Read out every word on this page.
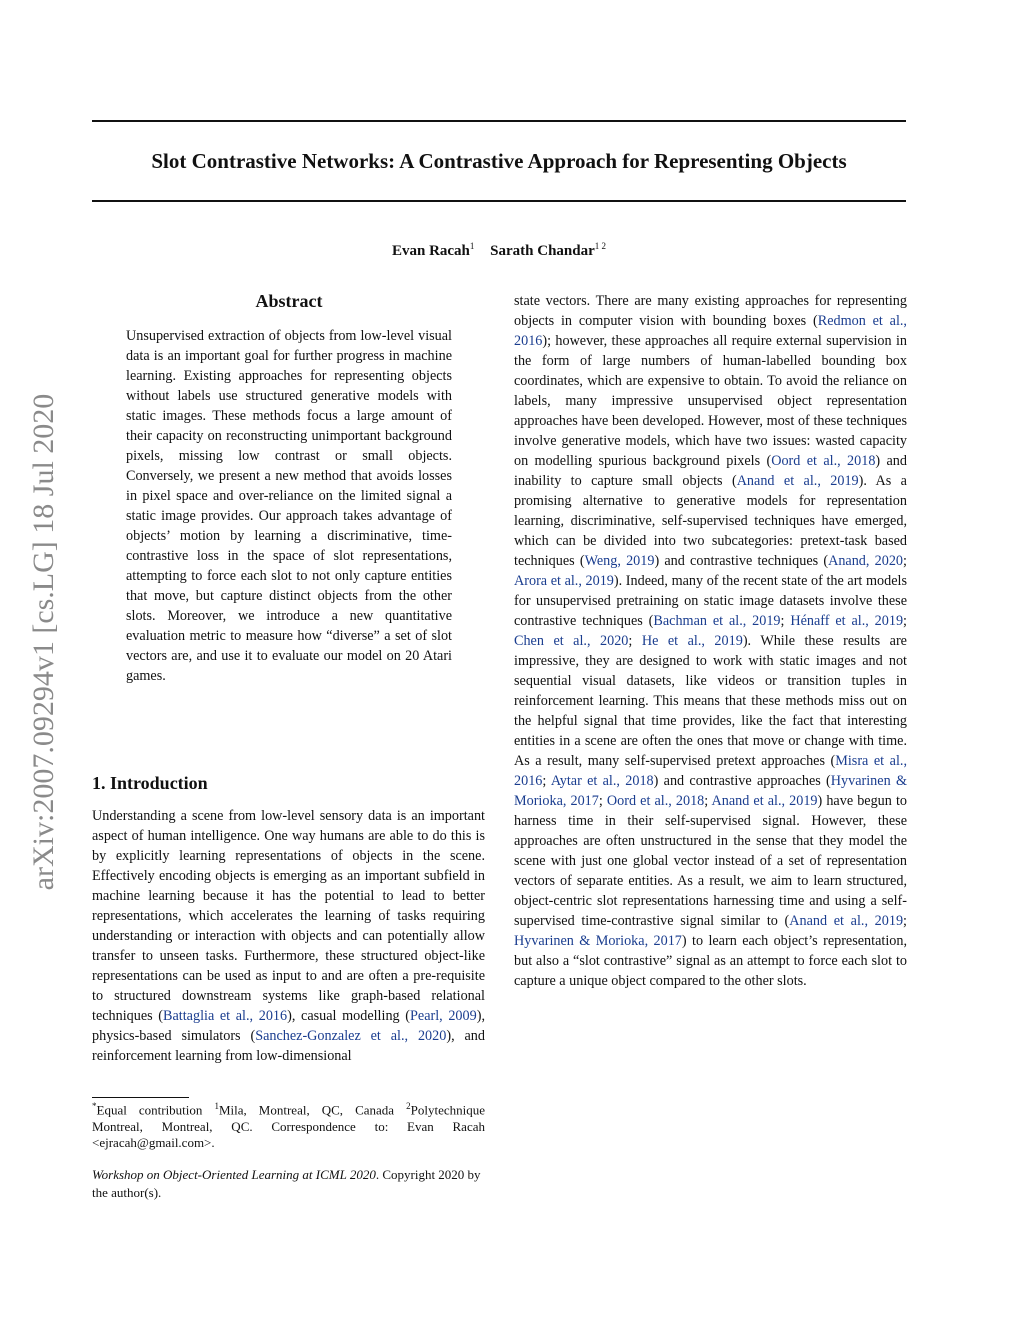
arXiv:2007.09294v1 [cs.LG] 18 Jul 2020
Slot Contrastive Networks: A Contrastive Approach for Representing Objects
Evan Racah$^1$ Sarath Chandar$^{1 2}$
Abstract
Unsupervised extraction of objects from low-level visual data is an important goal for further progress in machine learning. Existing approaches for representing objects without labels use structured generative models with static images. These methods focus a large amount of their capacity on reconstructing unimportant background pixels, missing low contrast or small objects. Conversely, we present a new method that avoids losses in pixel space and over-reliance on the limited signal a static image provides. Our approach takes advantage of objects’ motion by learning a discriminative, time-contrastive loss in the space of slot representations, attempting to force each slot to not only capture entities that move, but capture distinct objects from the other slots. Moreover, we introduce a new quantitative evaluation metric to measure how “diverse” a set of slot vectors are, and use it to evaluate our model on 20 Atari games.
1. Introduction
Understanding a scene from low-level sensory data is an important aspect of human intelligence. One way humans are able to do this is by explicitly learning representations of objects in the scene. Effectively encoding objects is emerging as an important subfield in machine learning because it has the potential to lead to better representations, which accelerates the learning of tasks requiring understanding or interaction with objects and can potentially allow transfer to unseen tasks. Furthermore, these structured object-like representations can be used as input to and are often a pre-requisite to structured downstream systems like graph-based relational techniques (Battaglia et al., 2016), casual modelling (Pearl, 2009), physics-based simulators (Sanchez-Gonzalez et al., 2020), and reinforcement learning from low-dimensional
state vectors. There are many existing approaches for representing objects in computer vision with bounding boxes (Redmon et al., 2016); however, these approaches all require external supervision in the form of large numbers of human-labelled bounding box coordinates, which are expensive to obtain. To avoid the reliance on labels, many impressive unsupervised object representation approaches have been developed. However, most of these techniques involve generative models, which have two issues: wasted capacity on modelling spurious background pixels (Oord et al., 2018) and inability to capture small objects (Anand et al., 2019). As a promising alternative to generative models for representation learning, discriminative, self-supervised techniques have emerged, which can be divided into two subcategories: pretext-task based techniques (Weng, 2019) and contrastive techniques (Anand, 2020; Arora et al., 2019). Indeed, many of the recent state of the art models for unsupervised pretraining on static image datasets involve these contrastive techniques (Bachman et al., 2019; Hénaff et al., 2019; Chen et al., 2020; He et al., 2019). While these results are impressive, they are designed to work with static images and not sequential visual datasets, like videos or transition tuples in reinforcement learning. This means that these methods miss out on the helpful signal that time provides, like the fact that interesting entities in a scene are often the ones that move or change with time. As a result, many self-supervised pretext approaches (Misra et al., 2016; Aytar et al., 2018) and contrastive approaches (Hyvarinen & Morioka, 2017; Oord et al., 2018; Anand et al., 2019) have begun to harness time in their self-supervised signal. However, these approaches are often unstructured in the sense that they model the scene with just one global vector instead of a set of representation vectors of separate entities. As a result, we aim to learn structured, object-centric slot representations harnessing time and using a self-supervised time-contrastive signal similar to (Anand et al., 2019; Hyvarinen & Morioka, 2017) to learn each object’s representation, but also a “slot contrastive” signal as an attempt to force each slot to capture a unique object compared to the other slots.
*Equal contribution $^1$Mila, Montreal, QC, Canada $^2$Polytechnique Montreal, Montreal, QC. Correspondence to: Evan Racah <ejracah@gmail.com>.
Workshop on Object-Oriented Learning at ICML 2020. Copyright 2020 by the author(s).
